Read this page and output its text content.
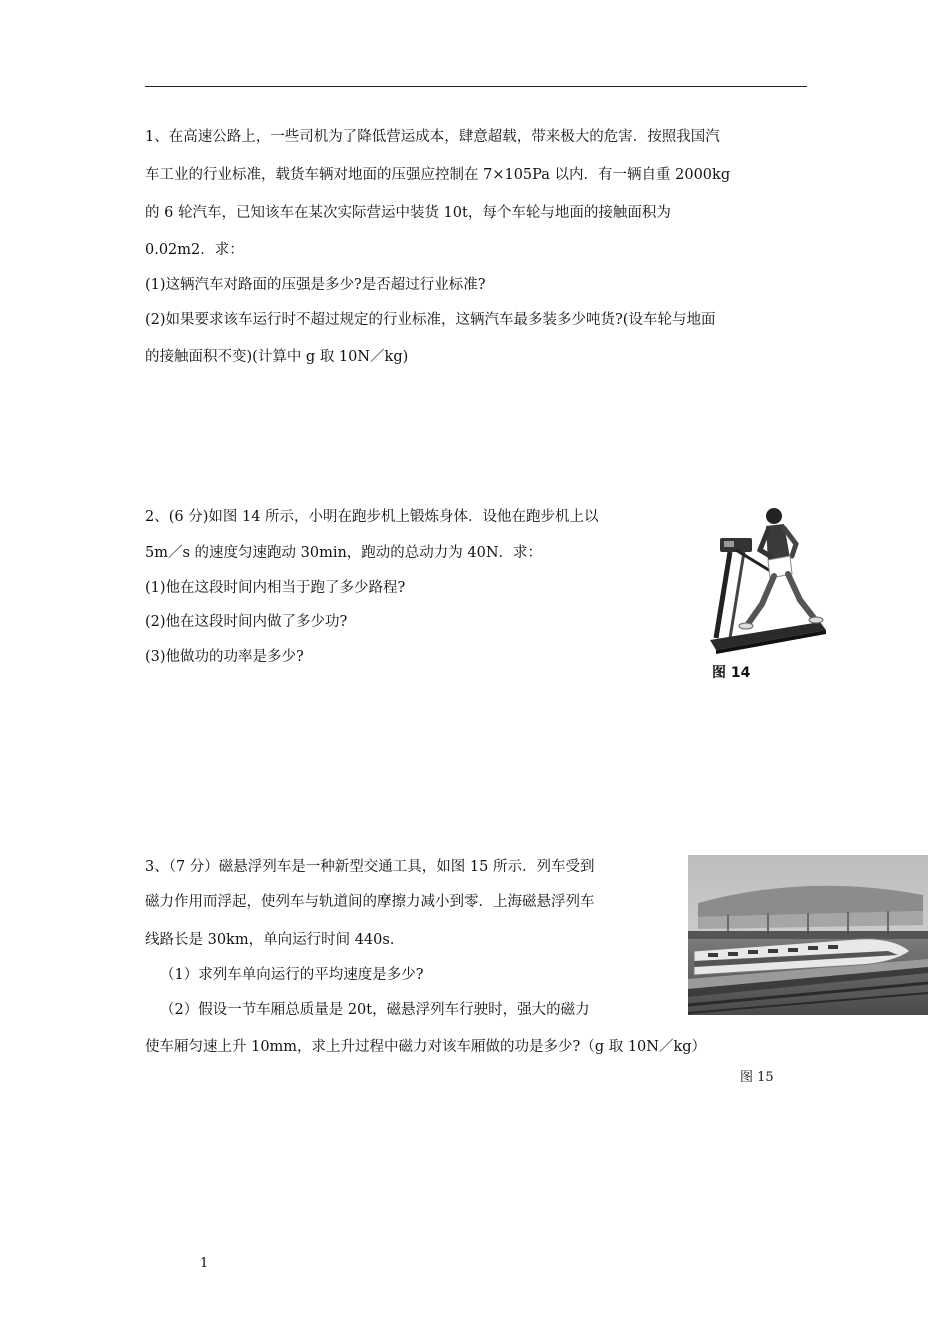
1、在高速公路上，一些司机为了降低营运成本，肆意超载，带来极大的危害．按照我国汽
车工业的行业标准，载货车辆对地面的压强应控制在 7×105Pa 以内．有一辆自重 2000kg
的 6 轮汽车，已知该车在某次实际营运中装货 10t，每个车轮与地面的接触面积为
0.02m2．求：
(1)这辆汽车对路面的压强是多少?是否超过行业标准?
(2)如果要求该车运行时不超过规定的行业标准，这辆汽车最多装多少吨货?(设车轮与地面
的接触面积不变)(计算中 g 取 10N／kg)
2、(6 分)如图 14 所示，小明在跑步机上锻炼身体．设他在跑步机上以
5m／s 的速度匀速跑动 30min，跑动的总动力为 40N．求：
(1)他在这段时间内相当于跑了多少路程?
(2)他在这段时间内做了多少功?
(3)他做功的功率是多少?
图 14
3、（7 分）磁悬浮列车是一种新型交通工具，如图 15 所示．列车受到
磁力作用而浮起，使列车与轨道间的摩擦力减小到零．上海磁悬浮列车
线路长是 30km，单向运行时间 440s．
（1）求列车单向运行的平均速度是多少?
（2）假设一节车厢总质量是 20t，磁悬浮列车行驶时，强大的磁力
使车厢匀速上升 10mm，求上升过程中磁力对该车厢做的功是多少?（g 取 10N／kg）
图 15
1
